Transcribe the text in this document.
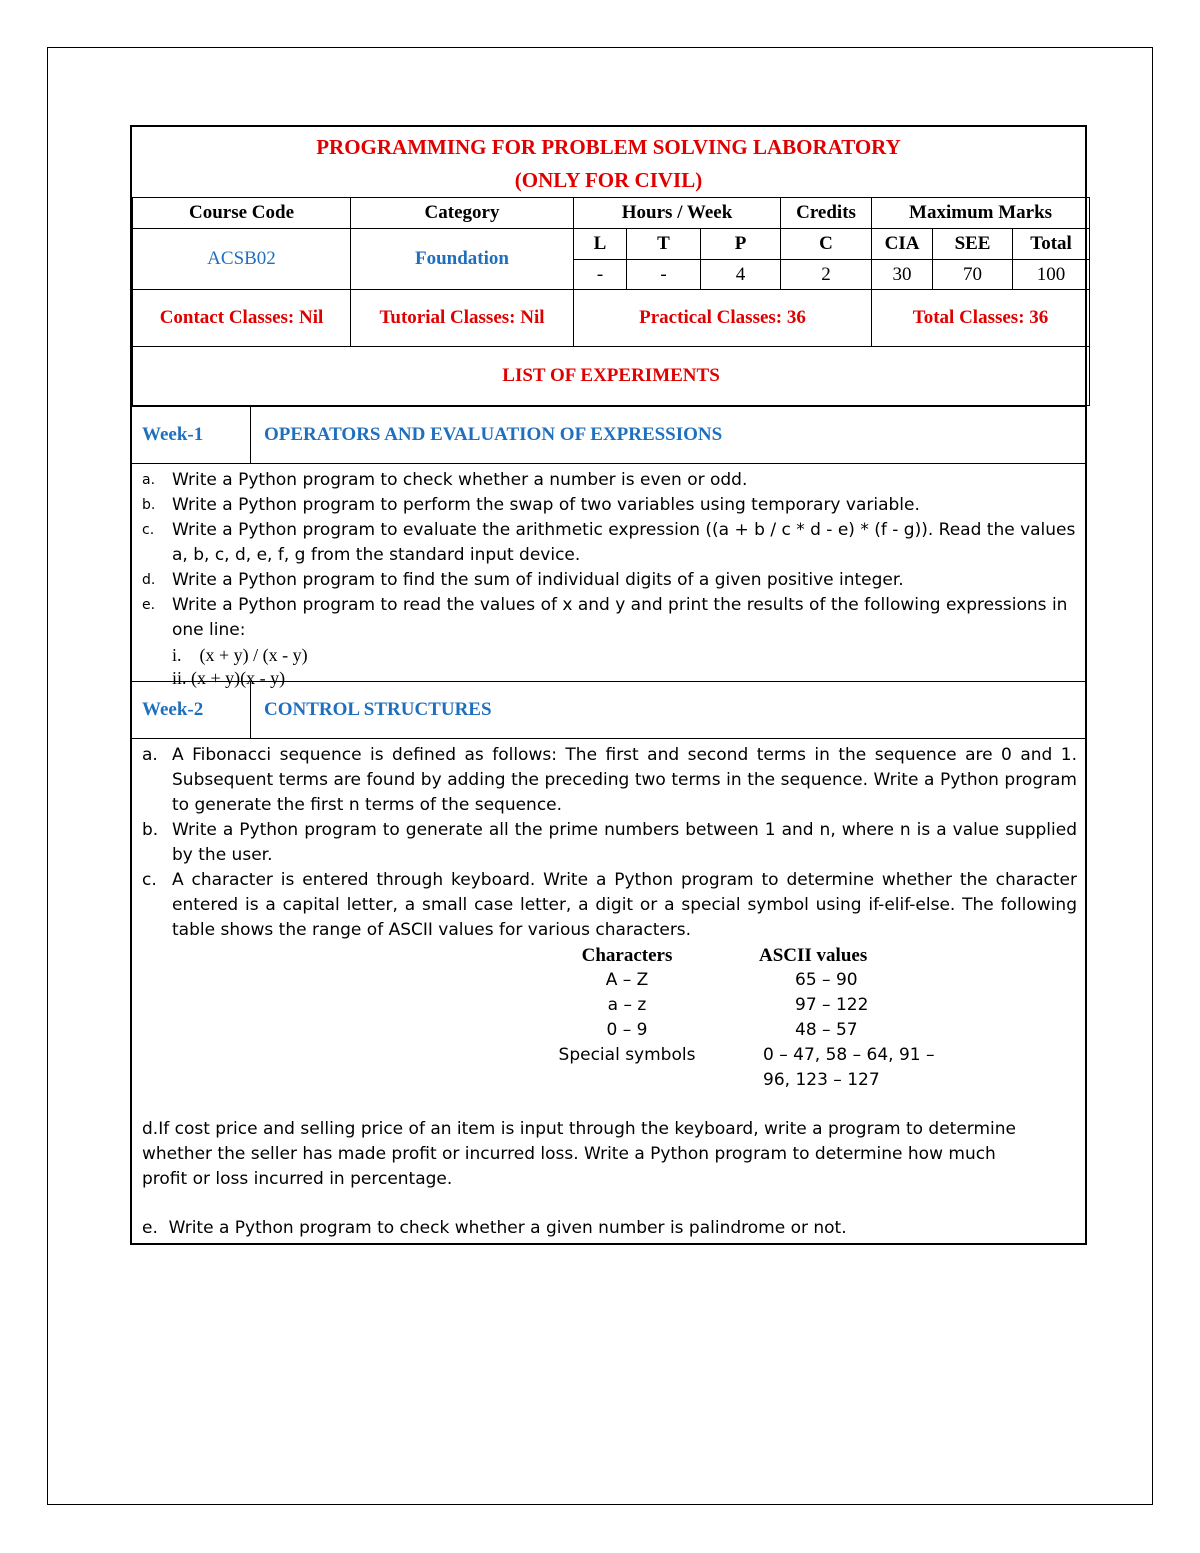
PROGRAMMING FOR PROBLEM SOLVING LABORATORY
(ONLY FOR CIVIL)
Course Code	Category	Hours / Week			Credits	Maximum Marks		
ACSB02	Foundation	L	T	P	C	CIA	SEE	Total
		-	-	4	2	30	70	100
Contact Classes: Nil	Tutorial Classes: Nil	Practical Classes: 36				Total Classes: 36		
LIST OF EXPERIMENTS								
Week-1	OPERATORS AND EVALUATION OF EXPRESSIONS
a. Write a Python program to check whether a number is even or odd.
b. Write a Python program to perform the swap of two variables using temporary variable.
c.	Write a Python program to evaluate the arithmetic expression ((a + b / c * d - e) * (f - g)). Read the values a, b, c, d, e, f, g from the standard input device.
d. Write a Python program to find the sum of individual digits of a given positive integer.
e. Write a Python program to read the values of x and y and print the results of the following expressions in one line:
i.    (x + y) / (x - y)
ii. (x + y)(x - y)
Week-2	CONTROL STRUCTURES
a. A Fibonacci sequence is defined as follows: The first and second terms in the sequence are 0 and 1. Subsequent terms are found by adding the preceding two terms in the sequence. Write a Python program to generate the first n terms of the sequence.
b. Write a Python program to generate all the prime numbers between 1 and n, where n is a value supplied by the user.
c. A character is entered through keyboard. Write a Python program to determine whether the character entered is a capital letter, a small case letter, a digit or a special symbol using if-elif-else. The following table shows the range of ASCII values for various characters.
Characters	ASCII values
A – Z	65 – 90
a – z	97 – 122
0 – 9	48 – 57
Special symbols	0 – 47, 58 – 64, 91 – 96, 123 – 127
d.If cost price and selling price of an item is input through the keyboard, write a program to determine whether the seller has made profit or incurred loss. Write a Python program to determine how much profit or loss incurred in percentage.
e.  Write a Python program to check whether a given number is palindrome or not.
